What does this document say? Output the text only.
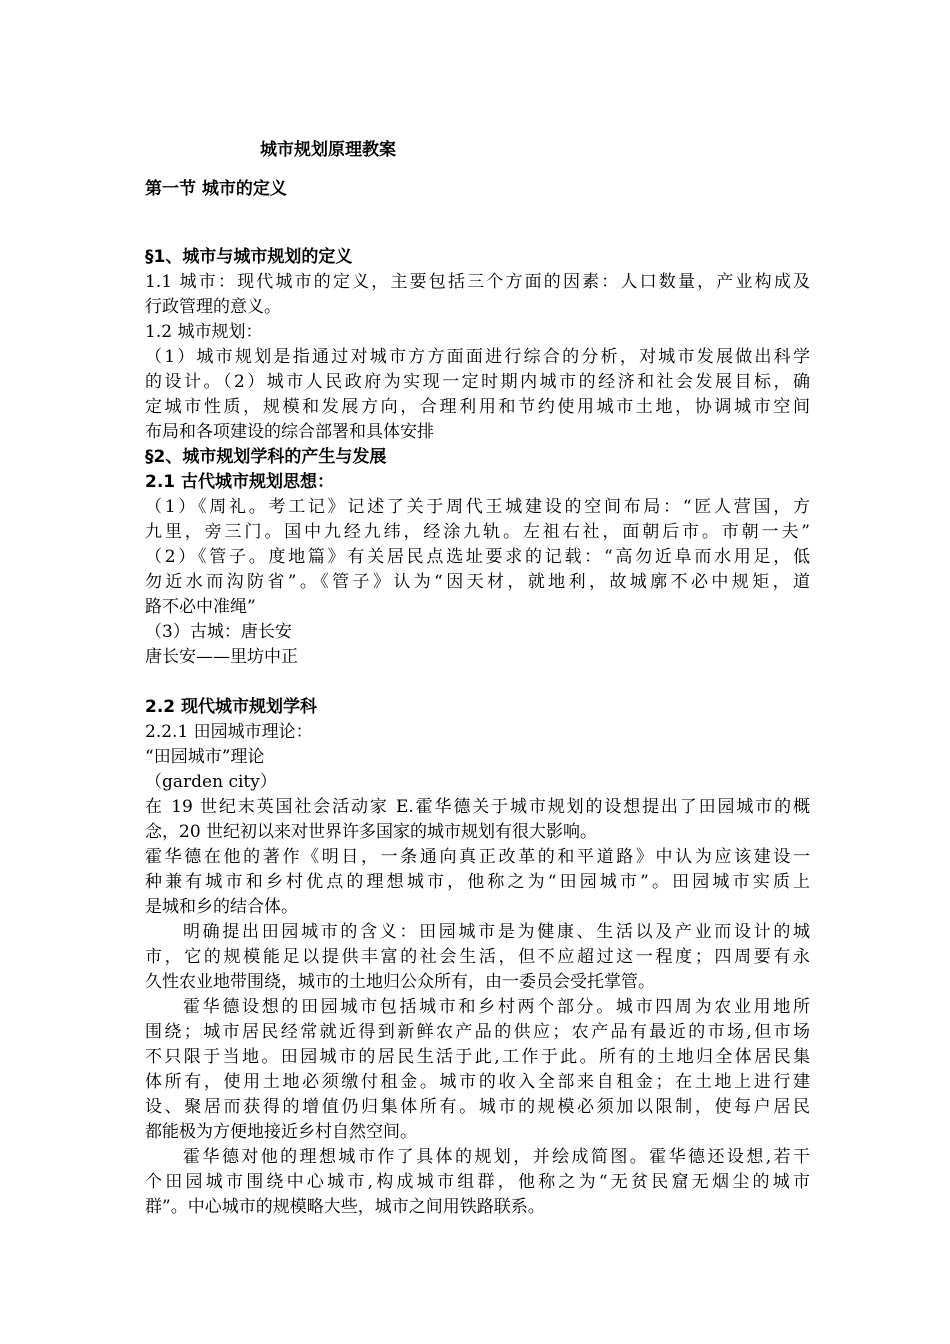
城市规划原理教案
第一节 城市的定义
§1、城市与城市规划的定义
1.1 城市：现代城市的定义，主要包括三个方面的因素：人口数量，产业构成及
行政管理的意义。
1.2 城市规划：
（1）城市规划是指通过对城市方方面面进行综合的分析，对城市发展做出科学
的设计。（2）城市人民政府为实现一定时期内城市的经济和社会发展目标，确
定城市性质，规模和发展方向，合理利用和节约使用城市土地，协调城市空间
布局和各项建设的综合部署和具体安排
§2、城市规划学科的产生与发展
2.1 古代城市规划思想：
（1）《周礼。考工记》记述了关于周代王城建设的空间布局：“匠人营国，方
九里，旁三门。国中九经九纬，经涂九轨。左祖右社，面朝后市。市朝一夫”
（2）《管子。度地篇》有关居民点选址要求的记载：“高勿近阜而水用足，低
勿近水而沟防省”。《管子》认为“因天材，就地利，故城廓不必中规矩，道
路不必中准绳”
（3）古城：唐长安
唐长安——里坊中正
2.2 现代城市规划学科
2.2.1 田园城市理论：
“田园城市”理论
（garden city）
在 19 世纪末英国社会活动家 E.霍华德关于城市规划的设想提出了田园城市的概
念，20 世纪初以来对世界许多国家的城市规划有很大影响。
霍华德在他的著作《明日，一条通向真正改革的和平道路》中认为应该建设一
种兼有城市和乡村优点的理想城市，他称之为“田园城市”。田园城市实质上
是城和乡的结合体。
明确提出田园城市的含义：田园城市是为健康、生活以及产业而设计的城
市，它的规模能足以提供丰富的社会生活，但不应超过这一程度；四周要有永
久性农业地带围绕，城市的土地归公众所有，由一委员会受托掌管。
霍华德设想的田园城市包括城市和乡村两个部分。城市四周为农业用地所
围绕；城市居民经常就近得到新鲜农产品的供应；农产品有最近的市场,但市场
不只限于当地。田园城市的居民生活于此,工作于此。所有的土地归全体居民集
体所有，使用土地必须缴付租金。城市的收入全部来自租金；在土地上进行建
设、聚居而获得的增值仍归集体所有。城市的规模必须加以限制，使每户居民
都能极为方便地接近乡村自然空间。
霍华德对他的理想城市作了具体的规划，并绘成简图。霍华德还设想,若干
个田园城市围绕中心城市,构成城市组群，他称之为“无贫民窟无烟尘的城市
群”。中心城市的规模略大些，城市之间用铁路联系。
